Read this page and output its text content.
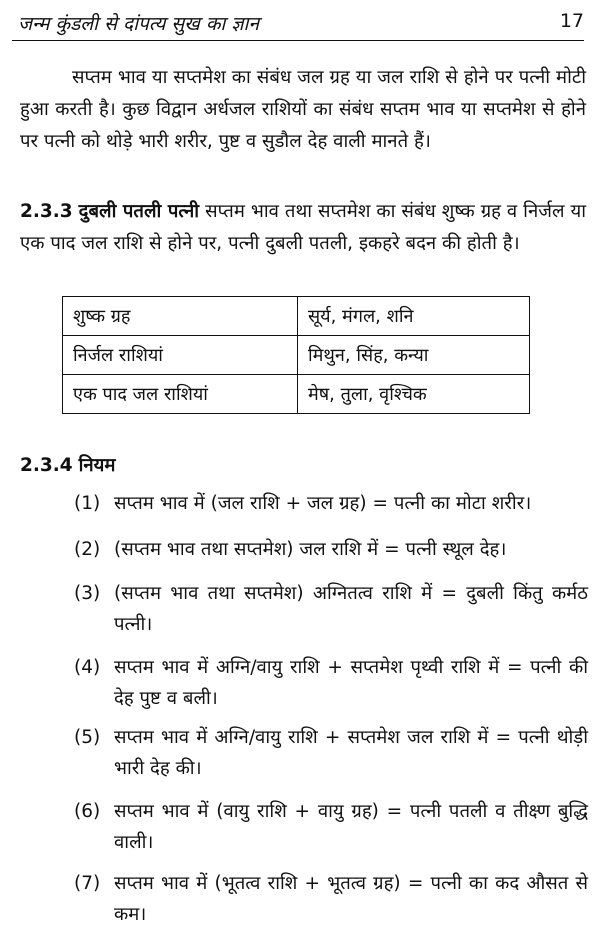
जन्म कुंडली से दांपत्य सुख का ज्ञान	17

सप्तम भाव या सप्तमेश का संबंध जल ग्रह या जल राशि से होने पर पत्नी मोटी हुआ करती है। कुछ विद्वान अर्धजल राशियों का संबंध सप्तम भाव या सप्तमेश से होने पर पत्नी को थोड़े भारी शरीर, पुष्ट व सुडौल देह वाली मानते हैं।

2.3.3 दुबली पतली पत्नी सप्तम भाव तथा सप्तमेश का संबंध शुष्क ग्रह व निर्जल या एक पाद जल राशि से होने पर, पत्नी दुबली पतली, इकहरे बदन की होती है।

शुष्क ग्रह	सूर्य, मंगल, शनि
निर्जल राशियां	मिथुन, सिंह, कन्या
एक पाद जल राशियां	मेष, तुला, वृश्चिक

2.3.4 नियम

(1) सप्तम भाव में (जल राशि + जल ग्रह) = पत्नी का मोटा शरीर।
(2) (सप्तम भाव तथा सप्तमेश) जल राशि में = पत्नी स्थूल देह।
(3) (सप्तम भाव तथा सप्तमेश) अग्नितत्व राशि में = दुबली किंतु कर्मठ पत्नी।
(4) सप्तम भाव में अग्नि/वायु राशि + सप्तमेश पृथ्वी राशि में = पत्नी की देह पुष्ट व बली।
(5) सप्तम भाव में अग्नि/वायु राशि + सप्तमेश जल राशि में = पत्नी थोड़ी भारी देह की।
(6) सप्तम भाव में (वायु राशि + वायु ग्रह) = पत्नी पतली व तीक्ष्ण बुद्धि वाली।
(7) सप्तम भाव में (भूतत्व राशि + भूतत्व ग्रह) = पत्नी का कद औसत से कम।
